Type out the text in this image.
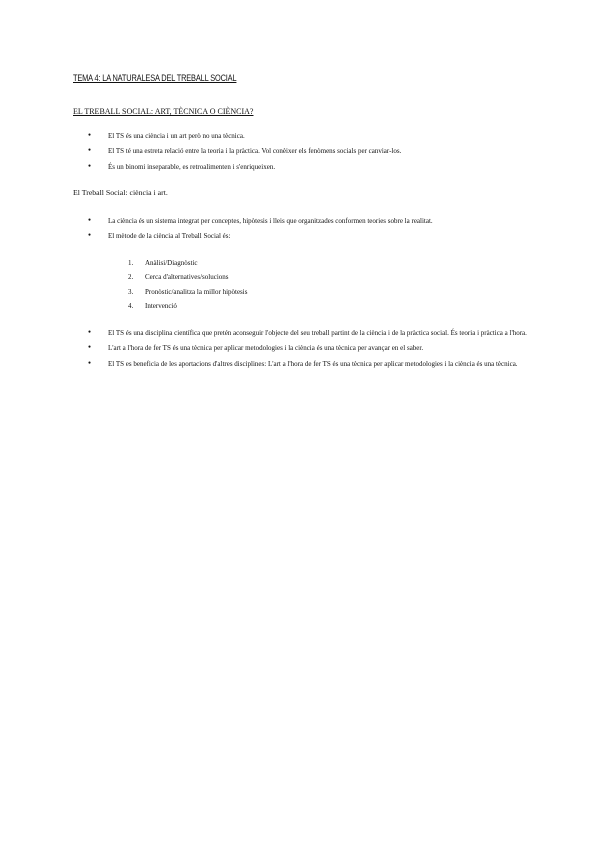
TEMA 4: LA NATURALESA DEL TREBALL SOCIAL
EL TREBALL SOCIAL: ART, TÈCNICA O CIÈNCIA?
● El TS és una ciència i un art però no una tècnica.
● El TS té una estreta relació entre la teoria i la pràctica. Vol conèixer els fenòmens socials per canviar-los.
● És un binomi inseparable, es retroalimenten i s'enriqueixen.
El Treball Social: ciència i art.
● La ciència és un sistema integrat per conceptes, hipòtesis i lleis que organitzades conformen teories sobre la realitat.
● El mètode de la ciència al Treball Social és:
1. Anàlisi/Diagnòstic
2. Cerca d'alternatives/solucions
3. Pronòstic/analitza la millor hipòtesis
4. Intervenció
● El TS és una disciplina científica que pretén aconseguir l'objecte del seu treball partint de la ciència i de la pràctica social. És teoria i pràctica a l'hora.
● L'art a l'hora de fer TS és una tècnica per aplicar metodologies i la ciència és una tècnica per avançar en el saber.
● El TS es beneficia de les aportacions d'altres disciplines: L'art a l'hora de fer TS és una tècnica per aplicar metodologies i la ciència és una tècnica.
